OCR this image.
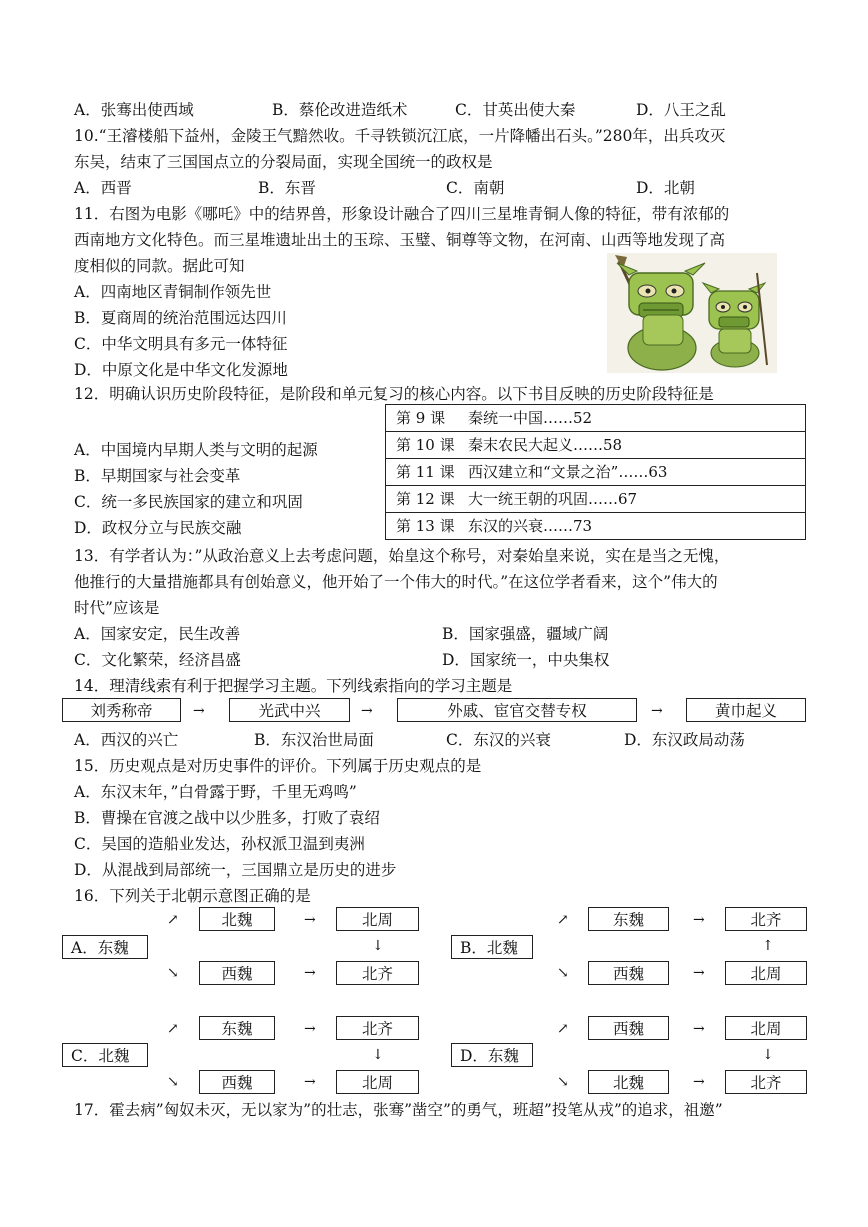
A．张骞出使西域	B．蔡伦改进造纸术	C．甘英出使大秦	D．八王之乱
10.“王濬楼船下益州，金陵王气黯然收。千寻铁锁沉江底，一片降幡出石头。”280年，出兵攻灭
东吴，结束了三国国点立的分裂局面，实现全国统一的政权是
A．西晋	B．东晋	C．南朝	D．北朝
11．右图为电影《哪吒》中的结界兽，形象设计融合了四川三星堆青铜人像的特征，带有浓郁的
西南地方文化特色。而三星堆遗址出土的玉琮、玉璧、铜尊等文物，在河南、山西等地发现了高
度相似的同款。据此可知
A．四南地区青铜制作领先世
B．夏商周的统治范围远达四川
C．中华文明具有多元一体特征
D．中原文化是中华文化发源地
12．明确认识历史阶段特征，是阶段和单元复习的核心内容。以下书目反映的历史阶段特征是
A．中国境内早期人类与文明的起源
B．早期国家与社会变革
C．统一多民族国家的建立和巩固
D．政权分立与民族交融
第 9 课 秦统一中国……52
第 10 课 秦末农民大起义……58
第 11 课 西汉建立和“文景之治”……63
第 12 课 大一统王朝的巩固……67
第 13 课 东汉的兴衰……73
13．有学者认为：”从政治意义上去考虑问题，始皇这个称号，对秦始皇来说，实在是当之无愧，
他推行的大量措施都具有创始意义，他开始了一个伟大的时代。”在这位学者看来，这个”伟大的
时代”应该是
A．国家安定，民生改善	B．国家强盛，疆域广阔
C．文化繁荣，经济昌盛	D．国家统一，中央集权
14．理清线索有利于把握学习主题。下列线索指向的学习主题是
刘秀称帝	→	光武中兴	→	外戚、宦官交替专权	→	黄巾起义
A．西汉的兴亡	B．东汉治世局面	C．东汉的兴衰	D．东汉政局动荡
15．历史观点是对历史事件的评价。下列属于历史观点的是
A．东汉末年，”白骨露于野，千里无鸡鸣”
B．曹操在官渡之战中以少胜多，打败了袁绍
C．吴国的造船业发达，孙权派卫温到夷洲
D．从混战到局部统一，三国鼎立是历史的进步
16．下列关于北朝示意图正确的是
↗	北魏	→	北周
↓
A．东魏
↘	西魏	→	北齐
↗	东魏	→	北齐
↑
B．北魏
↘	西魏	→	北周
↗	东魏	→	北齐
↓
C．北魏
↘	西魏	→	北周
↗	西魏	→	北周
↓
D．东魏
↘	北魏	→	北齐
17．霍去病”匈奴未灭，无以家为”的壮志，张骞”凿空”的勇气，班超”投笔从戎”的追求，祖邀”
